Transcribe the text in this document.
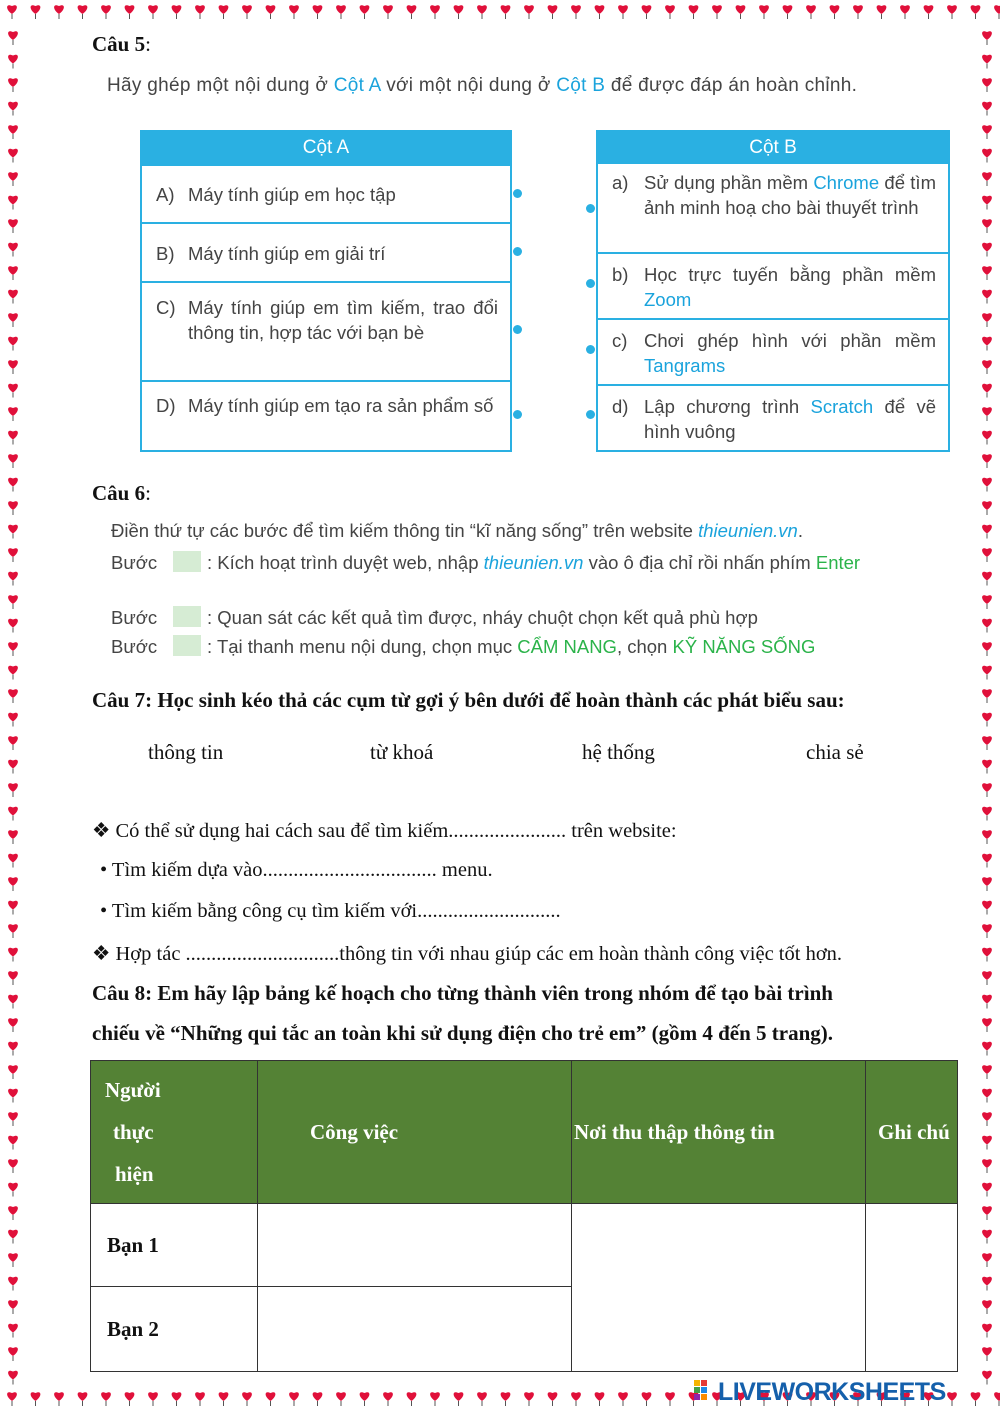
Câu 5:
Hãy ghép một nội dung ở Cột A với một nội dung ở Cột B để được đáp án hoàn chỉnh.
Cột A
A) Máy tính giúp em học tập
B) Máy tính giúp em giải trí
C) Máy tính giúp em tìm kiếm, trao đổi thông tin, hợp tác với bạn bè
D) Máy tính giúp em tạo ra sản phẩm số
Cột B
a) Sử dụng phần mềm Chrome để tìm ảnh minh hoạ cho bài thuyết trình
b) Học trực tuyến bằng phần mềm Zoom
c) Chơi ghép hình với phần mềm Tangrams
d) Lập chương trình Scratch để vẽ hình vuông
Câu 6:
Điền thứ tự các bước để tìm kiếm thông tin “kĩ năng sống” trên website thieunien.vn.
Bước	: Kích hoạt trình duyệt web, nhập thieunien.vn vào ô địa chỉ rồi nhấn phím Enter
Bước	: Quan sát các kết quả tìm được, nháy chuột chọn kết quả phù hợp
Bước	: Tại thanh menu nội dung, chọn mục CẨM NANG, chọn KỸ NĂNG SỐNG
Câu 7: Học sinh kéo thả các cụm từ gợi ý bên dưới để hoàn thành các phát biểu sau:
thông tin	từ khoá	hệ thống	chia sẻ
❖ Có thể sử dụng hai cách sau để tìm kiếm....................... trên website:
• Tìm kiếm dựa vào.................................. menu.
• Tìm kiếm bằng công cụ tìm kiếm với............................
❖ Hợp tác ..............................thông tin với nhau giúp các em hoàn thành công việc tốt hơn.
Câu 8: Em hãy lập bảng kế hoạch cho từng thành viên trong nhóm để tạo bài trình
chiếu về “Những qui tắc an toàn khi sử dụng điện cho trẻ em” (gồm 4 đến 5 trang).
Người
thực
hiện	Công việc	Nơi thu thập thông tin	Ghi chú
Bạn 1			
Bạn 2			
LIVEWORKSHEETS
